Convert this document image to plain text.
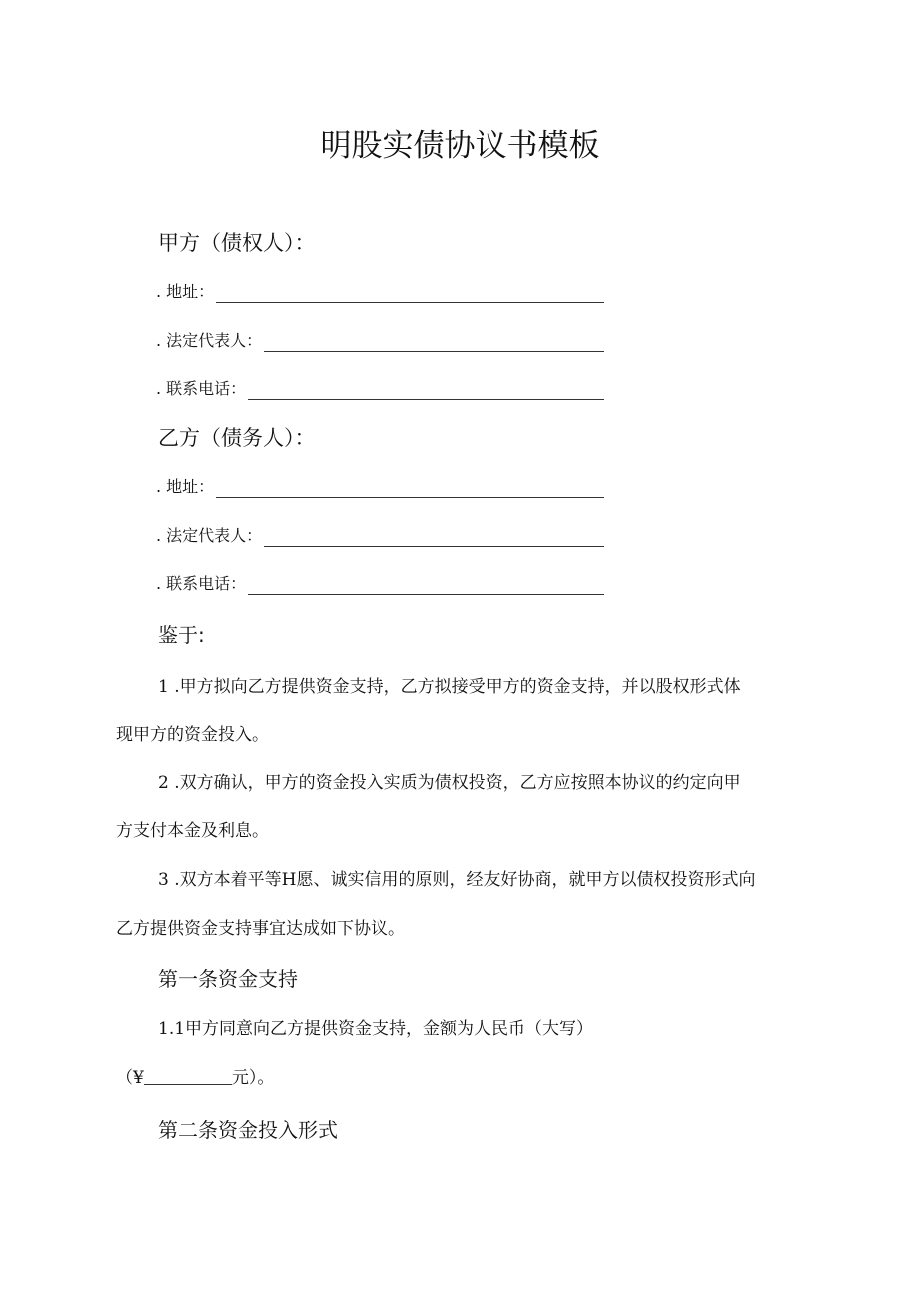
明股实债协议书模板
甲方（债权人）：
. 地址：
. 法定代表人：
. 联系电话：
乙方（债务人）：
. 地址：
. 法定代表人：
. 联系电话：
鉴于:
1 .甲方拟向乙方提供资金支持，乙方拟接受甲方的资金支持，并以股权形式体
现甲方的资金投入。
2 .双方确认，甲方的资金投入实质为债权投资，乙方应按照本协议的约定向甲
方支付本金及利息。
3 .双方本着平等H愿、诚实信用的原则，经友好协商，就甲方以债权投资形式向
乙方提供资金支持事宜达成如下协议。
第一条资金支持
1.1甲方同意向乙方提供资金支持，金额为人民币（大写）
（¥	元）。
第二条资金投入形式
